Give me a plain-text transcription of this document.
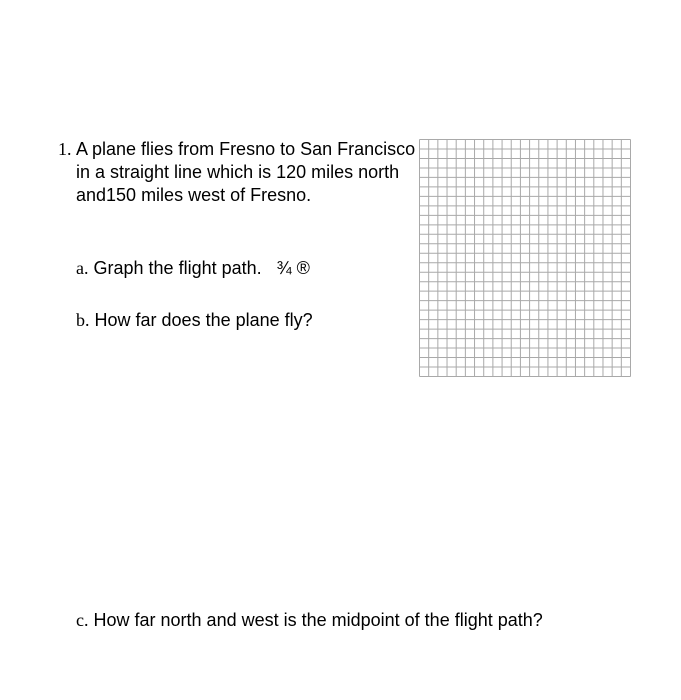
1. A plane flies from Fresno to San Francisco in a straight line which is 120 miles north and150 miles west of Fresno.
a. Graph the flight path. ¾ ®
b. How far does the plane fly?
c. How far north and west is the midpoint of the flight path?
